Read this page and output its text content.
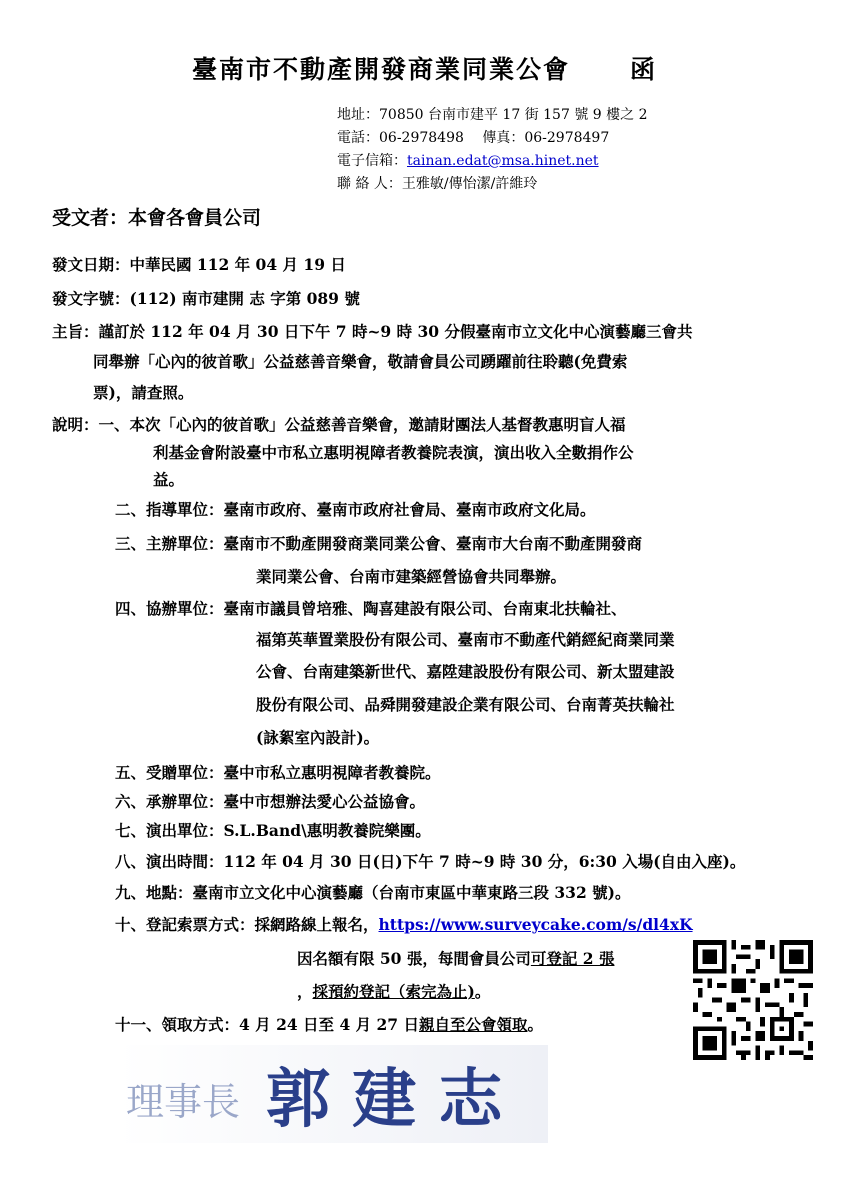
臺南市不動產開發商業同業公會 函
地址：70850 台南市建平 17 街 157 號 9 樓之 2
電話：06-2978498　 傳真：06-2978497
電子信箱：tainan.edat@msa.hinet.net
聯 絡 人：王雅敏/傳怡潔/許維玲
受文者：本會各會員公司
發文日期：中華民國 112 年 04 月 19 日
發文字號：(112) 南市建開 志 字第 089 號
主旨：謹訂於 112 年 04 月 30 日下午 7 時~9 時 30 分假臺南市立文化中心演藝廳三會共
同舉辦「心內的彼首歌」公益慈善音樂會，敬請會員公司踴躍前往聆聽(免費索
票)，請查照。
說明：一、本次「心內的彼首歌」公益慈善音樂會，邀請財團法人基督教惠明盲人福
利基金會附設臺中市私立惠明視障者教養院表演，演出收入全數捐作公
益。
二、指導單位：臺南市政府、臺南市政府社會局、臺南市政府文化局。
三、主辦單位：臺南市不動產開發商業同業公會、臺南市大台南不動產開發商
業同業公會、台南市建築經營協會共同舉辦。
四、協辦單位：臺南市議員曾培雅、陶喜建設有限公司、台南東北扶輪社、
福第英華置業股份有限公司、臺南市不動產代銷經紀商業同業
公會、台南建築新世代、嘉陞建設股份有限公司、新太盟建設
股份有限公司、品舜開發建設企業有限公司、台南菁英扶輪社
(詠絮室內設計)。
五、受贈單位：臺中市私立惠明視障者教養院。
六、承辦單位：臺中市想辦法愛心公益協會。
七、演出單位：S.L.Band\惠明教養院樂團。
八、演出時間：112 年 04 月 30 日(日)下午 7 時~9 時 30 分，6:30 入場(自由入座)。
九、地點：臺南市立文化中心演藝廳（台南市東區中華東路三段 332 號)。
十、登記索票方式：採網路線上報名，https://www.surveycake.com/s/dl4xK
因名額有限 50 張，每間會員公司可登記 2 張
，採預約登記（索完為止)。
十一、領取方式：4 月 24 日至 4 月 27 日親自至公會領取。
理事長 郭 建 志
